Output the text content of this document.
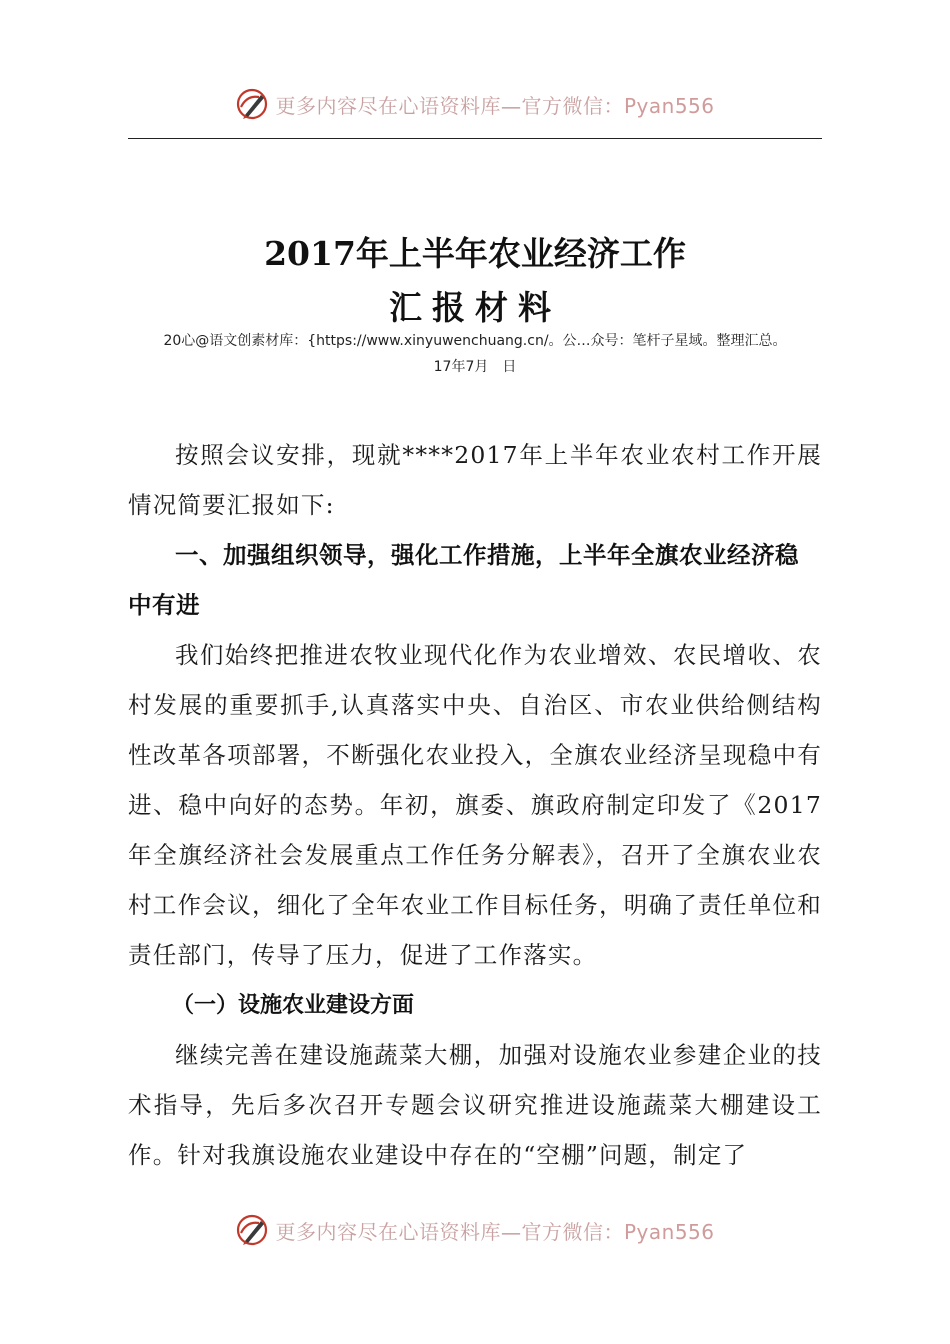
更多内容尽在心语资料库—官方微信：Pyan556
2017年上半年农业经济工作
汇报材料
20心@语文创素材库：{https://www.xinyuwenchuang.cn/。公…众号：笔杆子星域。整理汇总。
17年7月　日

按照会议安排，现就****2017年上半年农业农村工作开展情况简要汇报如下:

一、加强组织领导，强化工作措施，上半年全旗农业经济稳中有进

我们始终把推进农牧业现代化作为农业增效、农民增收、农村发展的重要抓手,认真落实中央、自治区、市农业供给侧结构性改革各项部署，不断强化农业投入，全旗农业经济呈现稳中有进、稳中向好的态势。年初，旗委、旗政府制定印发了《2017年全旗经济社会发展重点工作任务分解表》，召开了全旗农业农村工作会议，细化了全年农业工作目标任务，明确了责任单位和责任部门，传导了压力，促进了工作落实。

（一）设施农业建设方面

继续完善在建设施蔬菜大棚，加强对设施农业参建企业的技术指导，先后多次召开专题会议研究推进设施蔬菜大棚建设工作。针对我旗设施农业建设中存在的“空棚”问题，制定了

更多内容尽在心语资料库—官方微信：Pyan556
